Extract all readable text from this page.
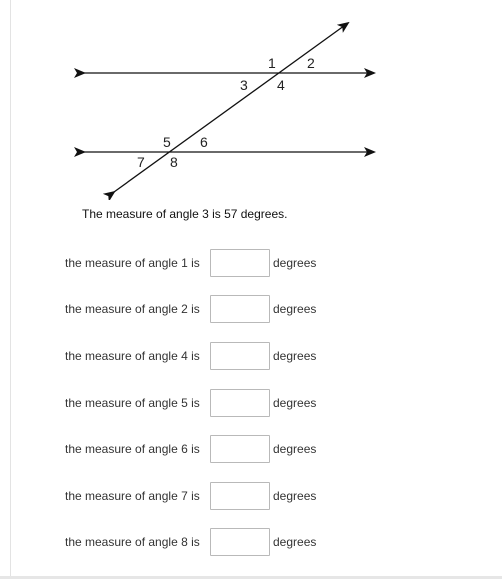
1 2
3 4
5 6
7 8
The measure of angle 3 is 57 degrees.
the measure of angle 1 is	degrees
the measure of angle 2 is	degrees
the measure of angle 4 is	degrees
the measure of angle 5 is	degrees
the measure of angle 6 is	degrees
the measure of angle 7 is	degrees
the measure of angle 8 is	degrees
